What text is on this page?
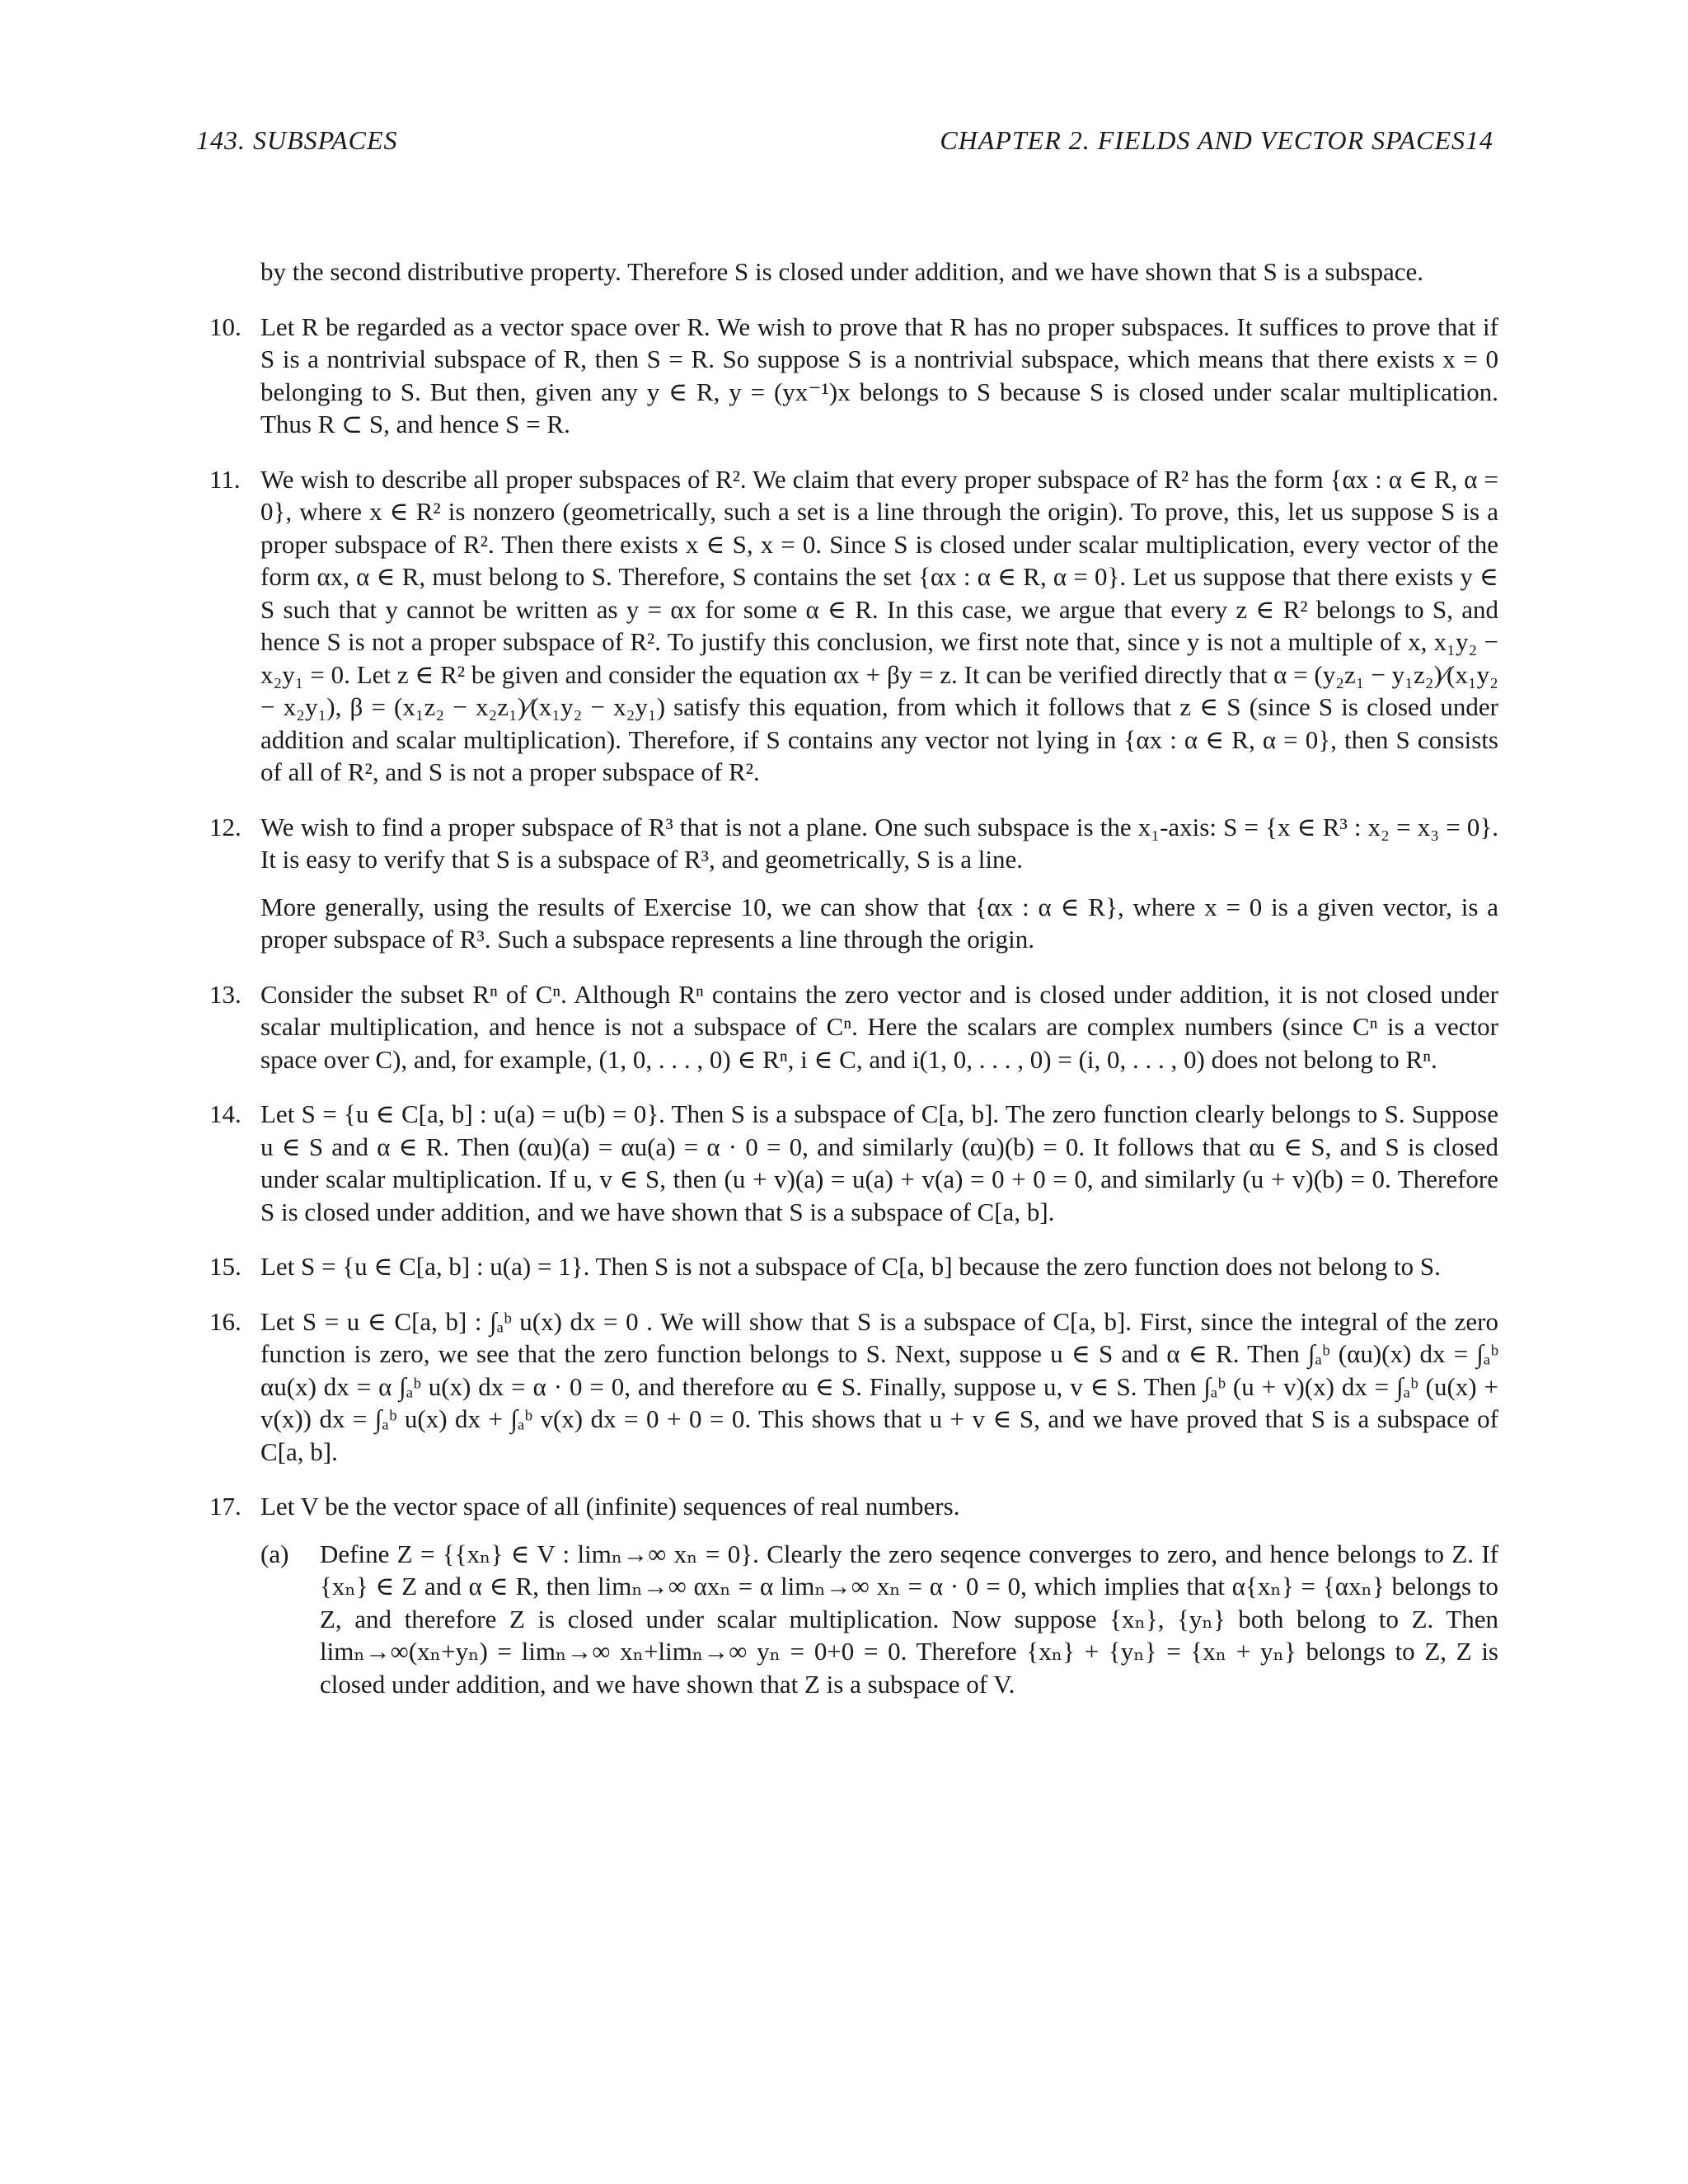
143. SUBSPACES	CHAPTER 2. FIELDS AND VECTOR SPACES14

by the second distributive property. Therefore S is closed under addition, and we have shown that S is a subspace.

10. Let R be regarded as a vector space over R. We wish to prove that R has no proper subspaces. It suffices to prove that if S is a nontrivial subspace of R, then S = R. So suppose S is a nontrivial subspace, which means that there exists x = 0 belonging to S. But then, given any y ∈ R, y = (yx⁻¹)x belongs to S because S is closed under scalar multiplication. Thus R ⊂ S, and hence S = R.

11. We wish to describe all proper subspaces of R². We claim that every proper subspace of R² has the form {αx : α ∈ R, α = 0}, where x ∈ R² is nonzero (geometrically, such a set is a line through the origin). To prove, this, let us suppose S is a proper subspace of R². Then there exists x ∈ S, x = 0. Since S is closed under scalar multiplication, every vector of the form αx, α ∈ R, must belong to S. Therefore, S contains the set {αx : α ∈ R, α = 0}. Let us suppose that there exists y ∈ S such that y cannot be written as y = αx for some α ∈ R. In this case, we argue that every z ∈ R² belongs to S, and hence S is not a proper subspace of R². To justify this conclusion, we first note that, since y is not a multiple of x, x₁y₂ − x₂y₁ = 0. Let z ∈ R² be given and consider the equation αx + βy = z. It can be verified directly that α = (y₂z₁ − y₁z₂)⁄(x₁y₂ − x₂y₁), β = (x₁z₂ − x₂z₁)⁄(x₁y₂ − x₂y₁) satisfy this equation, from which it follows that z ∈ S (since S is closed under addition and scalar multiplication). Therefore, if S contains any vector not lying in {αx : α ∈ R, α = 0}, then S consists of all of R², and S is not a proper subspace of R².

12. We wish to find a proper subspace of R³ that is not a plane. One such subspace is the x₁-axis: S = {x ∈ R³ : x₂ = x₃ = 0}. It is easy to verify that S is a subspace of R³, and geometrically, S is a line.

More generally, using the results of Exercise 10, we can show that {αx : α ∈ R}, where x = 0 is a given vector, is a proper subspace of R³. Such a subspace represents a line through the origin.

13. Consider the subset Rⁿ of Cⁿ. Although Rⁿ contains the zero vector and is closed under addition, it is not closed under scalar multiplication, and hence is not a subspace of Cⁿ. Here the scalars are complex numbers (since Cⁿ is a vector space over C), and, for example, (1, 0, . . . , 0) ∈ Rⁿ, i ∈ C, and i(1, 0, . . . , 0) = (i, 0, . . . , 0) does not belong to Rⁿ.

14. Let S = {u ∈ C[a, b] : u(a) = u(b) = 0}. Then S is a subspace of C[a, b]. The zero function clearly belongs to S. Suppose u ∈ S and α ∈ R. Then (αu)(a) = αu(a) = α · 0 = 0, and similarly (αu)(b) = 0. It follows that αu ∈ S, and S is closed under scalar multiplication. If u, v ∈ S, then (u + v)(a) = u(a) + v(a) = 0 + 0 = 0, and similarly (u + v)(b) = 0. Therefore S is closed under addition, and we have shown that S is a subspace of C[a, b].

15. Let S = {u ∈ C[a, b] : u(a) = 1}. Then S is not a subspace of C[a, b] because the zero function does not belong to S.

16. Let S = u ∈ C[a, b] : ∫ₐᵇ u(x) dx = 0 . We will show that S is a subspace of C[a, b]. First, since the integral of the zero function is zero, we see that the zero function belongs to S. Next, suppose u ∈ S and α ∈ R. Then ∫ₐᵇ (αu)(x) dx = ∫ₐᵇ αu(x) dx = α ∫ₐᵇ u(x) dx = α · 0 = 0, and therefore αu ∈ S. Finally, suppose u, v ∈ S. Then ∫ₐᵇ (u + v)(x) dx = ∫ₐᵇ (u(x) + v(x)) dx = ∫ₐᵇ u(x) dx + ∫ₐᵇ v(x) dx = 0 + 0 = 0. This shows that u + v ∈ S, and we have proved that S is a subspace of C[a, b].

17. Let V be the vector space of all (infinite) sequences of real numbers.

(a) Define Z = {{xₙ} ∈ V : limₙ→∞ xₙ = 0}. Clearly the zero seqence converges to zero, and hence belongs to Z. If {xₙ} ∈ Z and α ∈ R, then limₙ→∞ αxₙ = α limₙ→∞ xₙ = α · 0 = 0, which implies that α{xₙ} = {αxₙ} belongs to Z, and therefore Z is closed under scalar multiplication. Now suppose {xₙ}, {yₙ} both belong to Z. Then limₙ→∞(xₙ+yₙ) = limₙ→∞ xₙ+limₙ→∞ yₙ = 0+0 = 0. Therefore {xₙ} + {yₙ} = {xₙ + yₙ} belongs to Z, Z is closed under addition, and we have shown that Z is a subspace of V.
